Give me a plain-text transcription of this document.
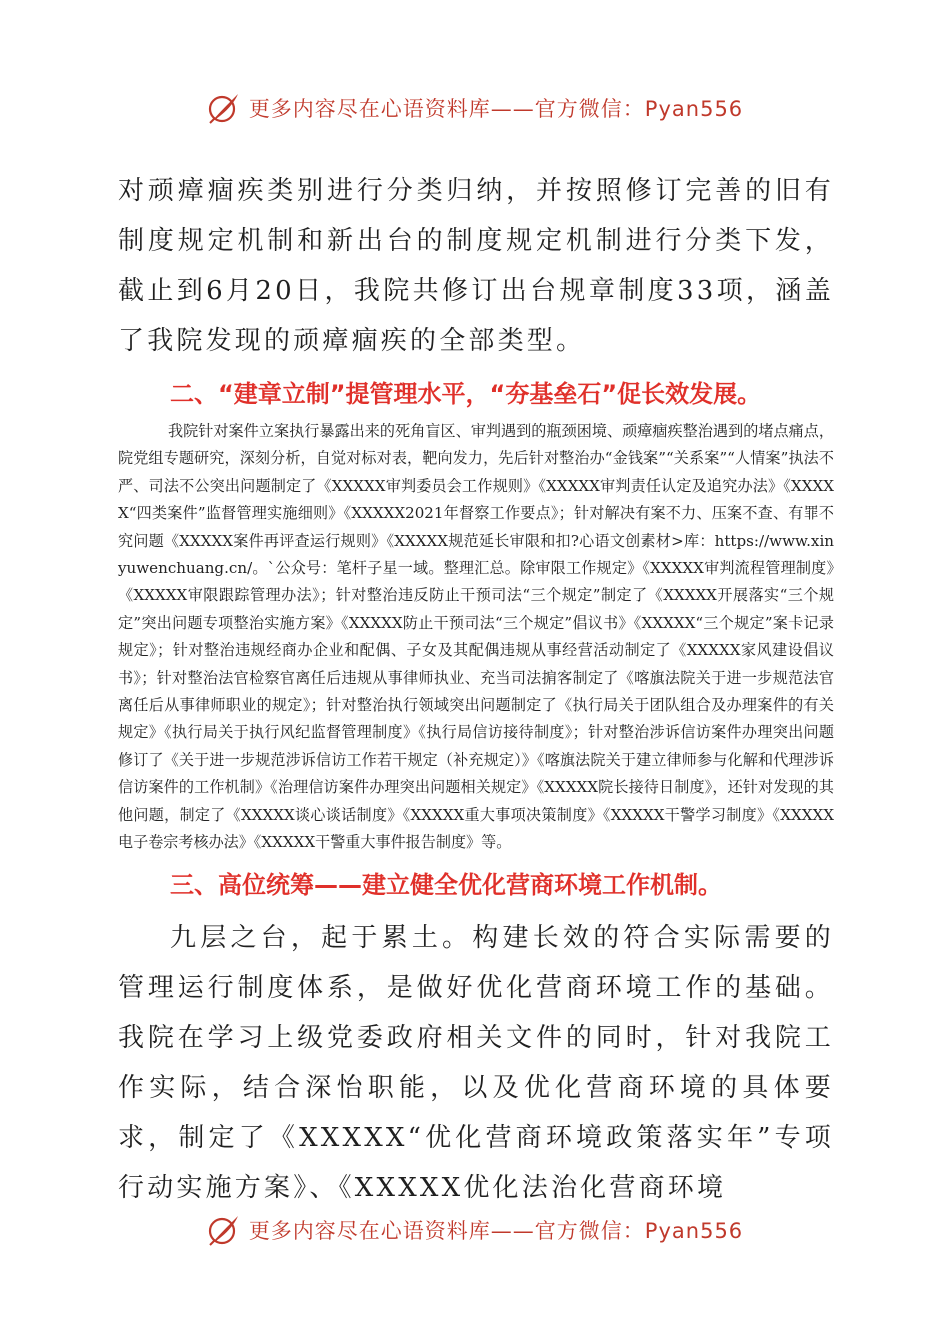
更多内容尽在心语资料库——官方微信：Pyan556

对顽瘴痼疾类别进行分类归纳，并按照修订完善的旧有制度规定机制和新出台的制度规定机制进行分类下发，截止到6月20日，我院共修订出台规章制度33项，涵盖了我院发现的顽瘴痼疾的全部类型。

二、“建章立制”提管理水平，“夯基垒石”促长效发展。

我院针对案件立案执行暴露出来的死角盲区、审判遇到的瓶颈困境、顽瘴痼疾整治遇到的堵点痛点，院党组专题研究，深刻分析，自觉对标对表，靶向发力，先后针对整治办“金钱案”“关系案”“人情案”执法不严、司法不公突出问题制定了《XXXXX审判委员会工作规则》《XXXXX审判责任认定及追究办法》《XXXXX“四类案件”监督管理实施细则》《XXXXX2021年督察工作要点》；针对解决有案不力、压案不查、有罪不究问题《XXXXX案件再评查运行规则》《XXXXX规范延长审限和扣?心语文创素材>库：https://www.xinyuwenchuang.cn/。`公众号：笔杆子星一域。整理汇总。除审限工作规定》《XXXXX审判流程管理制度》《XXXXX审限跟踪管理办法》；针对整治违反防止干预司法“三个规定”制定了《XXXXX开展落实“三个规定”突出问题专项整治实施方案》《XXXXX防止干预司法“三个规定”倡议书》《XXXXX“三个规定”案卡记录规定》；针对整治违规经商办企业和配偶、子女及其配偶违规从事经营活动制定了《XXXXX家风建设倡议书》；针对整治法官检察官离任后违规从事律师执业、充当司法掮客制定了《喀旗法院关于进一步规范法官离任后从事律师职业的规定》；针对整治执行领域突出问题制定了《执行局关于团队组合及办理案件的有关规定》《执行局关于执行风纪监督管理制度》《执行局信访接待制度》；针对整治涉诉信访案件办理突出问题修订了《关于进一步规范涉诉信访工作若干规定（补充规定）》《喀旗法院关于建立律师参与化解和代理涉诉信访案件的工作机制》《治理信访案件办理突出问题相关规定》《XXXXX院长接待日制度》，还针对发现的其他问题，制定了《XXXXX谈心谈话制度》《XXXXX重大事项决策制度》《XXXXX干警学习制度》《XXXXX电子卷宗考核办法》《XXXXX干警重大事件报告制度》等。

三、高位统筹——建立健全优化营商环境工作机制。

九层之台，起于累土。构建长效的符合实际需要的管理运行制度体系，是做好优化营商环境工作的基础。我院在学习上级党委政府相关文件的同时，针对我院工作实际，结合深怡职能，以及优化营商环境的具体要求，制定了《XXXXX“优化营商环境政策落实年”专项行动实施方案》、《XXXXX优化法治化营商环境

更多内容尽在心语资料库——官方微信：Pyan556
